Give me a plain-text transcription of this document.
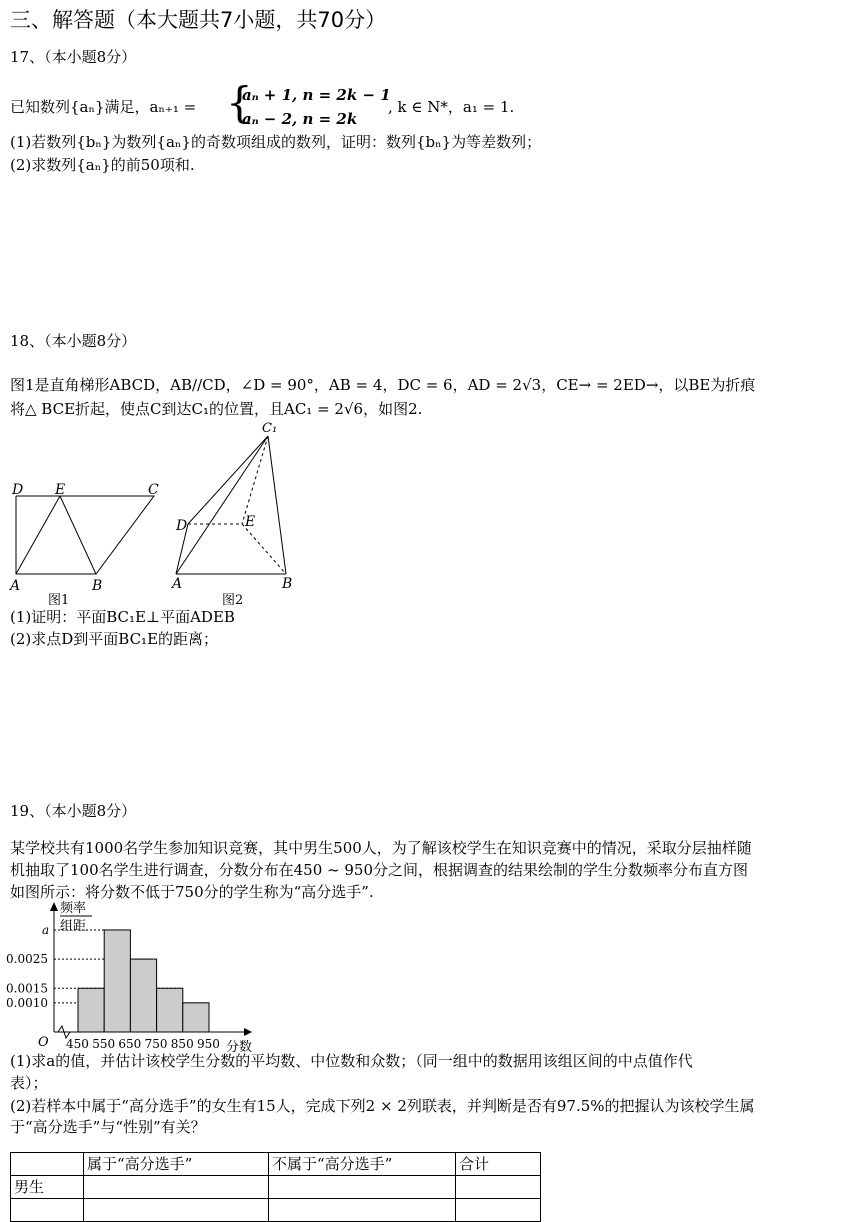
三、解答题（本大题共7小题，共70分）
17、（本小题8分）
已知数列{aₙ}满足，aₙ₊₁ = {
aₙ + 1, n = 2k − 1
aₙ − 2, n = 2k
, k ∈ N*，a₁ = 1.
(1)若数列{bₙ}为数列{aₙ}的奇数项组成的数列，证明：数列{bₙ}为等差数列；
(2)求数列{aₙ}的前50项和.
18、（本小题8分）
图1是直角梯形ABCD，AB//CD，∠D = 90°，AB = 4，DC = 6，AD = 2√3，CE→ = 2ED→，以BE为折痕
将△ BCE折起，使点C到达C₁的位置，且AC₁ = 2√6，如图2.
D E	C
A	B
图1
C₁
D	E
A	B
图2
(1)证明：平面BC₁E⊥平面ADEB
(2)求点D到平面BC₁E的距离；
19、（本小题8分）
某学校共有1000名学生参加知识竞赛，其中男生500人，为了解该校学生在知识竞赛中的情况，采取分层抽样随
机抽取了100名学生进行调查，分数分布在450 ~ 950分之间，根据调查的结果绘制的学生分数频率分布直方图
如图所示：将分数不低于750分的学生称为“高分选手”.
a
0.0025
0.0015
0.0010
450 550 650 750 850 950
O	分数
频率
组距
(1)求a的值，并估计该校学生分数的平均数、中位数和众数；（同一组中的数据用该组区间的中点值作代
表）；
(2)若样本中属于“高分选手”的女生有15人，完成下列2 × 2列联表，并判断是否有97.5%的把握认为该校学生属
于“高分选手”与“性别”有关？
	属于“高分选手”	不属于“高分选手”	合计
男生			
